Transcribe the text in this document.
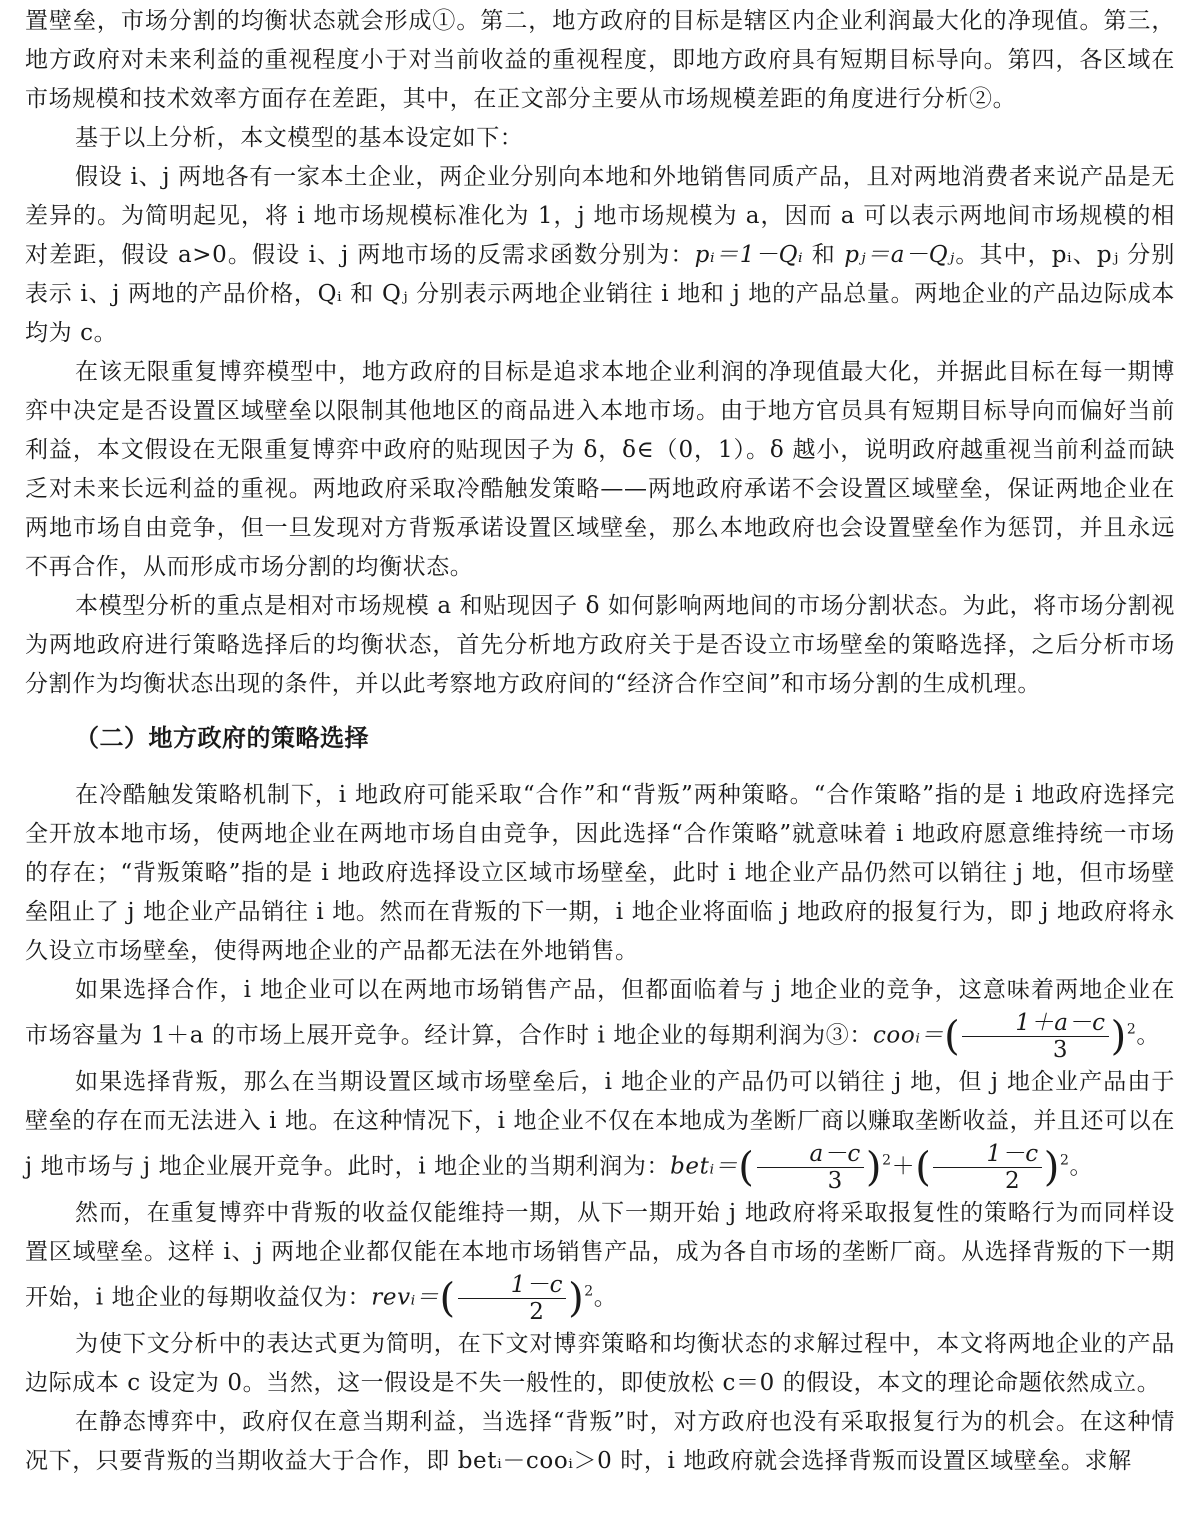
置壁垒，市场分割的均衡状态就会形成①。第二，地方政府的目标是辖区内企业利润最大化的净现值。第三，地方政府对未来利益的重视程度小于对当前收益的重视程度，即地方政府具有短期目标导向。第四，各区域在市场规模和技术效率方面存在差距，其中，在正文部分主要从市场规模差距的角度进行分析②。

基于以上分析，本文模型的基本设定如下：

假设 i、j 两地各有一家本土企业，两企业分别向本地和外地销售同质产品，且对两地消费者来说产品是无差异的。为简明起见，将 i 地市场规模标准化为 1，j 地市场规模为 a，因而 a 可以表示两地间市场规模的相对差距，假设 a>0。假设 i、j 两地市场的反需求函数分别为：pᵢ＝1－Qᵢ 和 pⱼ＝a－Qⱼ。其中，pᵢ、pⱼ 分别表示 i、j 两地的产品价格，Qᵢ 和 Qⱼ 分别表示两地企业销往 i 地和 j 地的产品总量。两地企业的产品边际成本均为 c。

在该无限重复博弈模型中，地方政府的目标是追求本地企业利润的净现值最大化，并据此目标在每一期博弈中决定是否设置区域壁垒以限制其他地区的商品进入本地市场。由于地方官员具有短期目标导向而偏好当前利益，本文假设在无限重复博弈中政府的贴现因子为 δ，δ∈（0，1）。δ 越小，说明政府越重视当前利益而缺乏对未来长远利益的重视。两地政府采取冷酷触发策略——两地政府承诺不会设置区域壁垒，保证两地企业在两地市场自由竞争，但一旦发现对方背叛承诺设置区域壁垒，那么本地政府也会设置壁垒作为惩罚，并且永远不再合作，从而形成市场分割的均衡状态。

本模型分析的重点是相对市场规模 a 和贴现因子 δ 如何影响两地间的市场分割状态。为此，将市场分割视为两地政府进行策略选择后的均衡状态，首先分析地方政府关于是否设立市场壁垒的策略选择，之后分析市场分割作为均衡状态出现的条件，并以此考察地方政府间的“经济合作空间”和市场分割的生成机理。

（二）地方政府的策略选择

在冷酷触发策略机制下，i 地政府可能采取“合作”和“背叛”两种策略。“合作策略”指的是 i 地政府选择完全开放本地市场，使两地企业在两地市场自由竞争，因此选择“合作策略”就意味着 i 地政府愿意维持统一市场的存在；“背叛策略”指的是 i 地政府选择设立区域市场壁垒，此时 i 地企业产品仍然可以销往 j 地，但市场壁垒阻止了 j 地企业产品销往 i 地。然而在背叛的下一期，i 地企业将面临 j 地政府的报复行为，即 j 地政府将永久设立市场壁垒，使得两地企业的产品都无法在外地销售。

如果选择合作，i 地企业可以在两地市场销售产品，但都面临着与 j 地企业的竞争，这意味着两地企业在市场容量为 1＋a 的市场上展开竞争。经计算，合作时 i 地企业的每期利润为③：cooᵢ＝( $\frac{1+a-c}{3} )^2$。

如果选择背叛，那么在当期设置区域市场壁垒后，i 地企业的产品仍可以销往 j 地，但 j 地企业产品由于壁垒的存在而无法进入 i 地。在这种情况下，i 地企业不仅在本地成为垄断厂商以赚取垄断收益，并且还可以在 j 地市场与 j 地企业展开竞争。此时，i 地企业的当期利润为：betᵢ＝( $\frac{a-c}{3} )^2+( \frac{1-c}{2} )^2$。

然而，在重复博弈中背叛的收益仅能维持一期，从下一期开始 j 地政府将采取报复性的策略行为而同样设置区域壁垒。这样 i、j 两地企业都仅能在本地市场销售产品，成为各自市场的垄断厂商。从选择背叛的下一期开始，i 地企业的每期收益仅为：revᵢ＝( $\frac{1-c}{2} )^2$。

为使下文分析中的表达式更为简明，在下文对博弈策略和均衡状态的求解过程中，本文将两地企业的产品边际成本 c 设定为 0。当然，这一假设是不失一般性的，即使放松 c＝0 的假设，本文的理论命题依然成立。

在静态博弈中，政府仅在意当期利益，当选择“背叛”时，对方政府也没有采取报复行为的机会。在这种情况下，只要背叛的当期收益大于合作，即 betᵢ－cooᵢ＞0 时，i 地政府就会选择背叛而设置区域壁垒。求解
